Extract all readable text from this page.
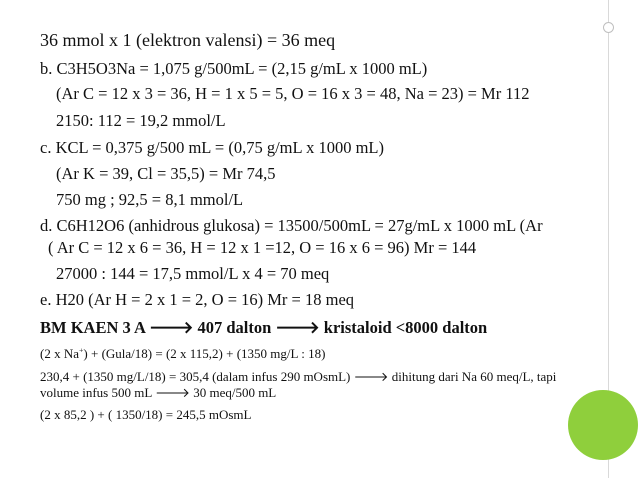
36 mmol x 1 (elektron valensi) = 36 meq
b. C3H5O3Na = 1,075 g/500mL = (2,15 g/mL x 1000 mL)
(Ar C = 12 x 3 = 36, H = 1 x 5 = 5, O = 16 x 3 = 48, Na = 23) = Mr 112
2150: 112 = 19,2 mmol/L
c. KCL = 0,375 g/500 mL = (0,75 g/mL x 1000 mL)
(Ar K = 39, Cl = 35,5) = Mr 74,5
750 mg ; 92,5 = 8,1 mmol/L
d. C6H12O6 (anhidrous glukosa) = 13500/500mL = 27g/mL x 1000 mL (Ar
( Ar C = 12 x 6 = 36, H = 12 x 1 =12, O = 16 x 6 = 96) Mr = 144
27000 : 144 = 17,5 mmol/L x 4 = 70 meq
e. H20 (Ar H = 2 x 1 = 2, O = 16) Mr = 18 meq
BM KAEN 3 A 🡒 407 dalton 🡒 kristaloid <8000 dalton
(2 x Na+) + (Gula/18) = (2 x 115,2) + (1350 mg/L : 18)
230,4 + (1350 mg/L/18) = 305,4 (dalam infus 290 mOsmL) 🡒 dihitung dari Na 60 meq/L, tapi
volume infus 500 mL 🡒 30 meq/500 mL
(2 x 85,2 ) + ( 1350/18) = 245,5 mOsmL
